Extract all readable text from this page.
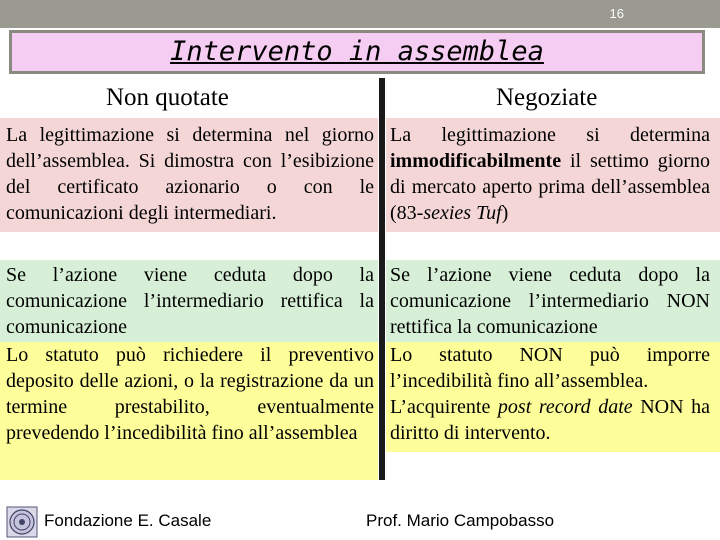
16
Intervento in assemblea
Non quotate	Negoziate
La legittimazione si determina nel giorno dell’assemblea. Si dimostra con l’esibizione del certificato azionario o con le comunicazioni degli intermediari.
Se l’azione viene ceduta dopo la comunicazione l’intermediario rettifica la comunicazione
Lo statuto può richiedere il preventivo deposito delle azioni, o la registrazione da un termine prestabilito, eventualmente prevedendo l’incedibilità fino all’assemblea
La legittimazione si determina immodificabilmente il settimo giorno di mercato aperto prima dell’assemblea (83-sexies Tuf)
Se l’azione viene ceduta dopo la comunicazione l’intermediario NON rettifica la comunicazione
Lo statuto NON può imporre l’incedibilità fino all’assemblea.
L’acquirente post record date NON ha diritto di intervento.
Fondazione E. Casale	Prof. Mario Campobasso
